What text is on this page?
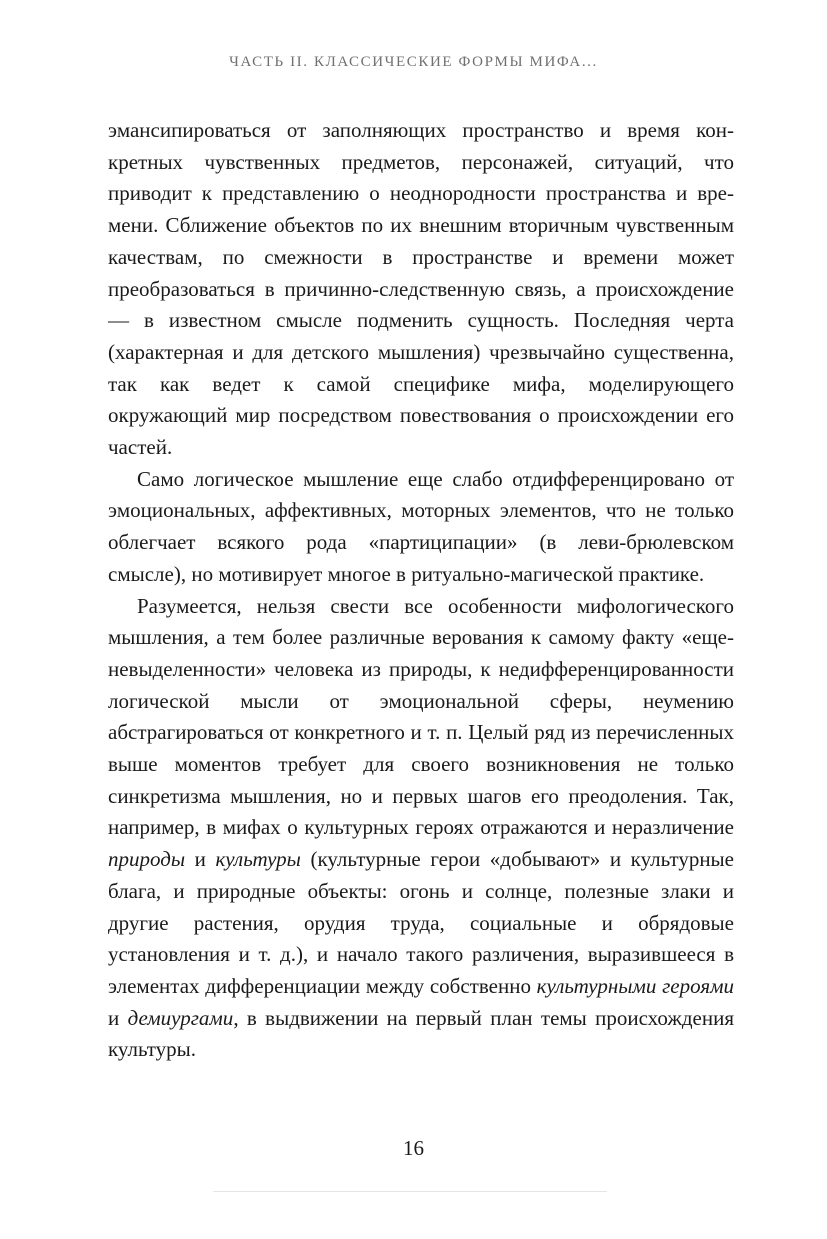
ЧАСТЬ II. КЛАССИЧЕСКИЕ ФОРМЫ МИФА...

эмансипироваться от заполняющих пространство и время конкретных чувственных предметов, персонажей, ситуаций, что приводит к представлению о неоднородности пространства и времени. Сближение объектов по их внешним вторичным чувственным качествам, по смежности в пространстве и времени может преобразоваться в причинно-следственную связь, а происхождение — в известном смысле подменить сущность. Последняя черта (характерная и для детского мышления) чрезвычайно существенна, так как ведет к самой специфике мифа, моделирующего окружающий мир посредством повествования о происхождении его частей.

Само логическое мышление еще слабо отдифференцировано от эмоциональных, аффективных, моторных элементов, что не только облегчает всякого рода «партиципации» (в леви-брюлевском смысле), но мотивирует многое в ритуально-магической практике.

Разумеется, нельзя свести все особенности мифологического мышления, а тем более различные верования к самому факту «еще-невыделенности» человека из природы, к недифференцированности логической мысли от эмоциональной сферы, неумению абстрагироваться от конкретного и т. п. Целый ряд из перечисленных выше моментов требует для своего возникновения не только синкретизма мышления, но и первых шагов его преодоления. Так, например, в мифах о культурных героях отражаются и неразличение природы и культуры (культурные герои «добывают» и культурные блага, и природные объекты: огонь и солнце, полезные злаки и другие растения, орудия труда, социальные и обрядовые установления и т. д.), и начало такого различения, выразившееся в элементах дифференциации между собственно культурными героями и демиургами, в выдвижении на первый план темы происхождения культуры.

16
